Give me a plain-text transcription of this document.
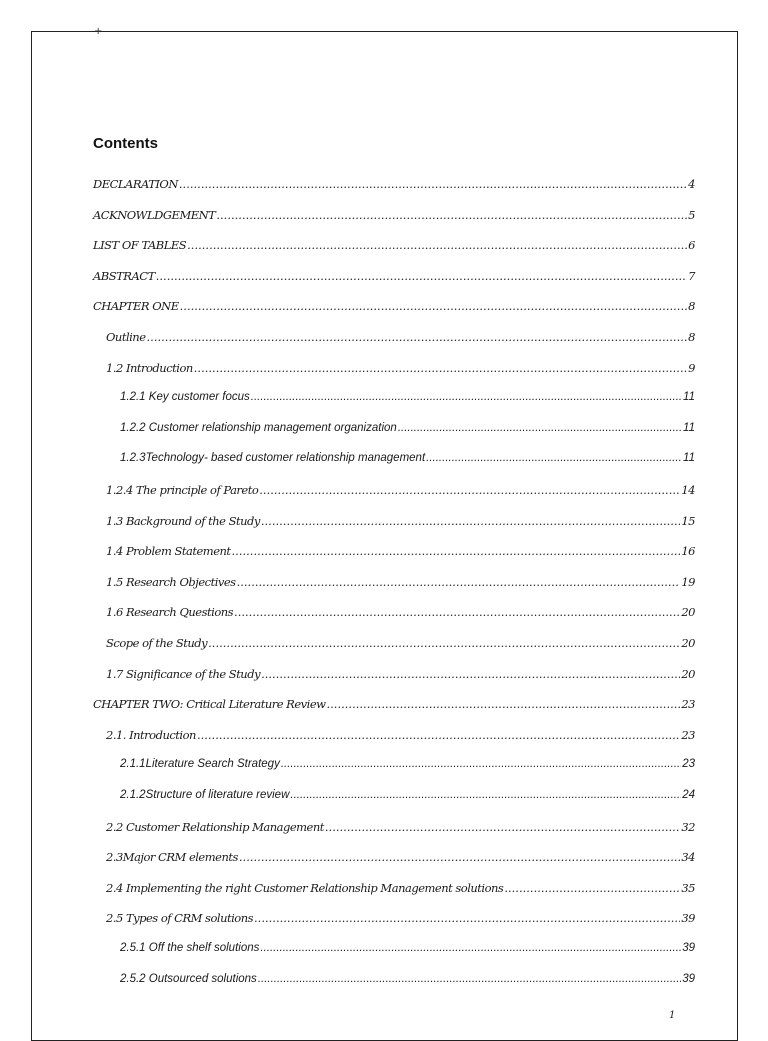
+
Contents
DECLARATION .....	4
ACKNOWLDGEMENT .....	5
LIST OF TABLES .....	6
ABSTRACT .....	7
CHAPTER ONE .....	8
Outline .....	8
1.2 Introduction .....	9
1.2.1 Key customer focus .....	11
1.2.2 Customer relationship management organization .....	11
1.2.3Technology- based customer relationship management .....	11
1.2.4 The principle of Pareto .....	14
1.3 Background of the Study .....	15
1.4 Problem Statement .....	16
1.5 Research Objectives .....	19
1.6 Research Questions .....	20
Scope of the Study .....	20
1.7 Significance of the Study .....	20
CHAPTER TWO: Critical Literature Review .....	23
2.1. Introduction .....	23
2.1.1 Literature Search Strategy .....	23
2.1.2 Structure of literature review .....	24
2.2 Customer Relationship Management .....	32
2.3Major CRM elements .....	34
2.4 Implementing the right Customer Relationship Management solutions .....	35
2.5 Types of CRM solutions .....	39
2.5.1 Off the shelf solutions .....	39
2.5.2 Outsourced solutions .....	39
1
